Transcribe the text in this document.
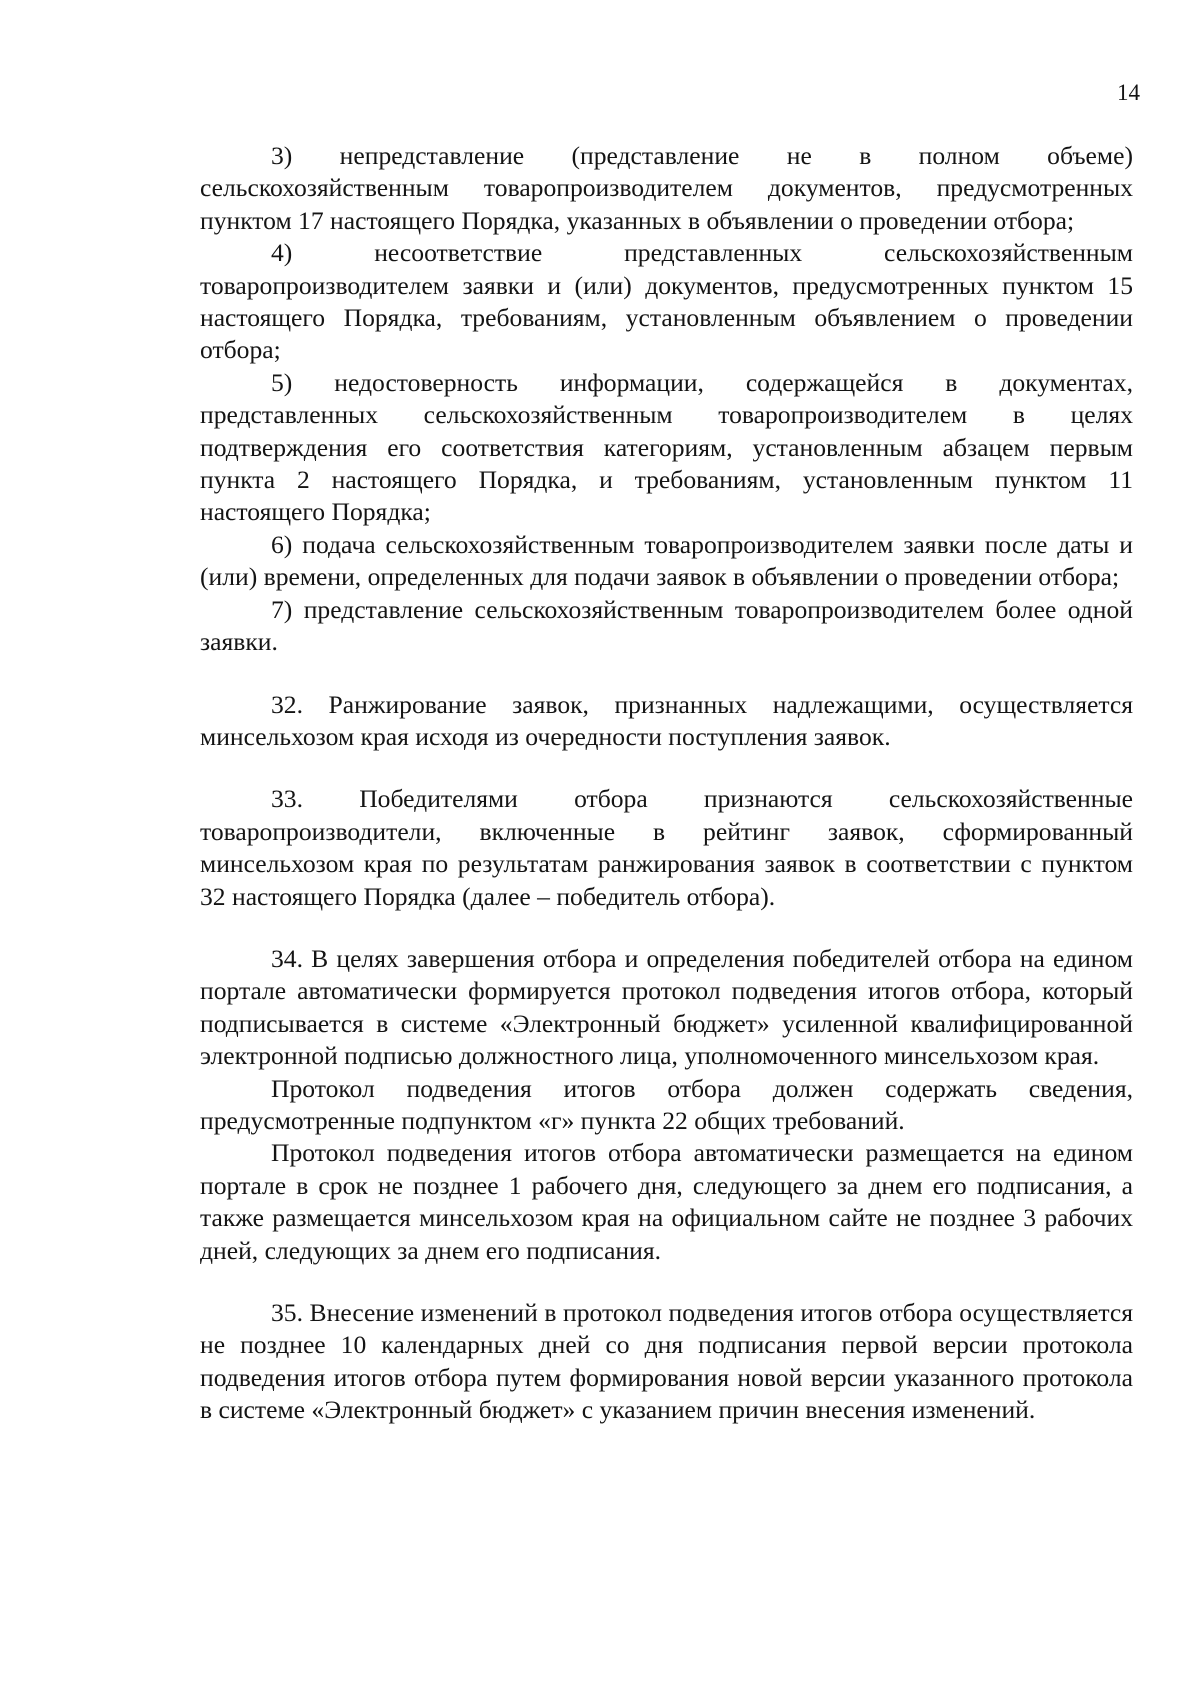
14

3) непредставление (представление не в полном объеме) сельскохозяйственным товаропроизводителем документов, предусмотренных пунктом 17 настоящего Порядка, указанных в объявлении о проведении отбора;

4) несоответствие представленных сельскохозяйственным товаропроизводителем заявки и (или) документов, предусмотренных пунктом 15 настоящего Порядка, требованиям, установленным объявлением о проведении отбора;

5) недостоверность информации, содержащейся в документах, представленных сельскохозяйственным товаропроизводителем в целях подтверждения его соответствия категориям, установленным абзацем первым пункта 2 настоящего Порядка, и требованиям, установленным пунктом 11 настоящего Порядка;

6) подача сельскохозяйственным товаропроизводителем заявки после даты и (или) времени, определенных для подачи заявок в объявлении о проведении отбора;

7) представление сельскохозяйственным товаропроизводителем более одной заявки.

32. Ранжирование заявок, признанных надлежащими, осуществляется минсельхозом края исходя из очередности поступления заявок.

33. Победителями отбора признаются сельскохозяйственные товаропроизводители, включенные в рейтинг заявок, сформированный минсельхозом края по результатам ранжирования заявок в соответствии с пунктом 32 настоящего Порядка (далее – победитель отбора).

34. В целях завершения отбора и определения победителей отбора на едином портале автоматически формируется протокол подведения итогов отбора, который подписывается в системе «Электронный бюджет» усиленной квалифицированной электронной подписью должностного лица, уполномоченного минсельхозом края.

Протокол подведения итогов отбора должен содержать сведения, предусмотренные подпунктом «г» пункта 22 общих требований.

Протокол подведения итогов отбора автоматически размещается на едином портале в срок не позднее 1 рабочего дня, следующего за днем его подписания, а также размещается минсельхозом края на официальном сайте не позднее 3 рабочих дней, следующих за днем его подписания.

35. Внесение изменений в протокол подведения итогов отбора осуществляется не позднее 10 календарных дней со дня подписания первой версии протокола подведения итогов отбора путем формирования новой версии указанного протокола в системе «Электронный бюджет» с указанием причин внесения изменений.
